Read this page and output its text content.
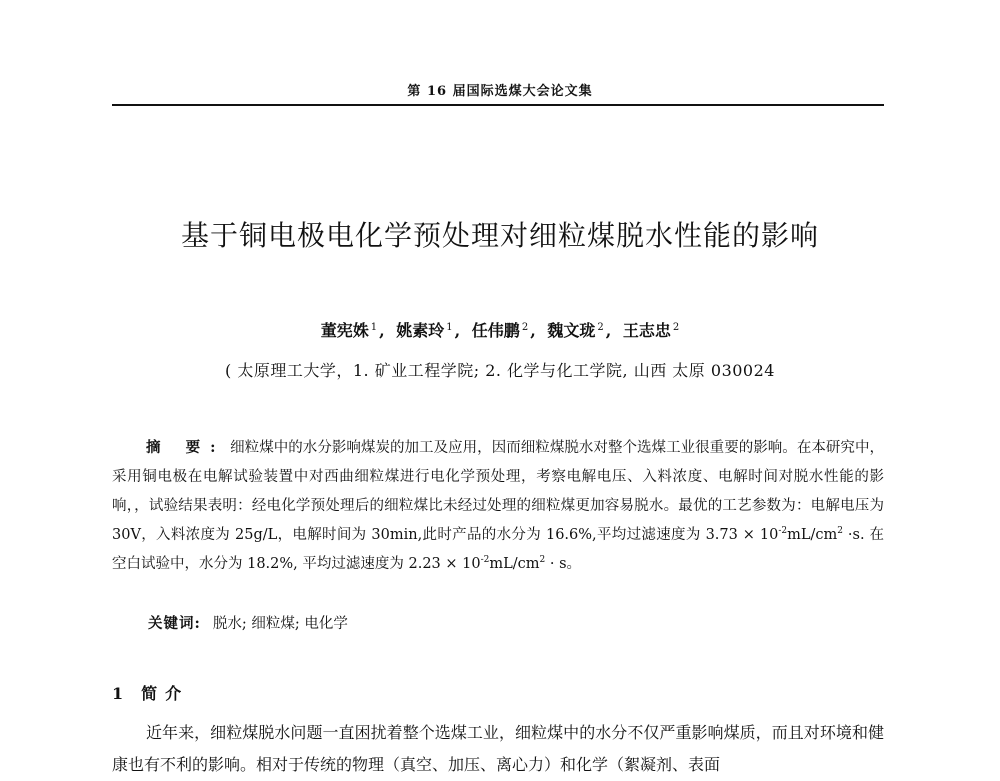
第 16 届国际选煤大会论文集
基于铜电极电化学预处理对细粒煤脱水性能的影响
董宪姝 $^1$ , 姚素玲 $^1$ , 任伟鹏 $^2$ , 魏文珑 $^2$ , 王志忠 $^2$
( 太原理工大学，1. 矿业工程学院; 2. 化学与化工学院, 山西 太原 030024
摘 要: 细粒煤中的水分影响煤炭的加工及应用，因而细粒煤脱水对整个选煤工业很重要的影响。在本研究中，采用铜电极在电解试验装置中对西曲细粒煤进行电化学预处理，考察电解电压、入料浓度、电解时间对脱水性能的影响，，试验结果表明：经电化学预处理后的细粒煤比未经过处理的细粒煤更加容易脱水。最优的工艺参数为：电解电压为 30V，入料浓度为 25g/L，电解时间为 30min,此时产品的水分为 16.6%,平均过滤速度为 $3.73 \times 10^{-2}mL/cm^2 \cdot s$. 在空白试验中，水分为 18.2%, 平均过滤速度为 $2.23 \times 10^{-2}mL/cm^2 \cdot s$。
关键词: 脱水; 细粒煤; 电化学
1 简介
近年来，细粒煤脱水问题一直困扰着整个选煤工业，细粒煤中的水分不仅严重影响煤质，而且对环境和健康也有不利的影响。相对于传统的物理（真空、加压、离心力）和化学（絮凝剂、表面
